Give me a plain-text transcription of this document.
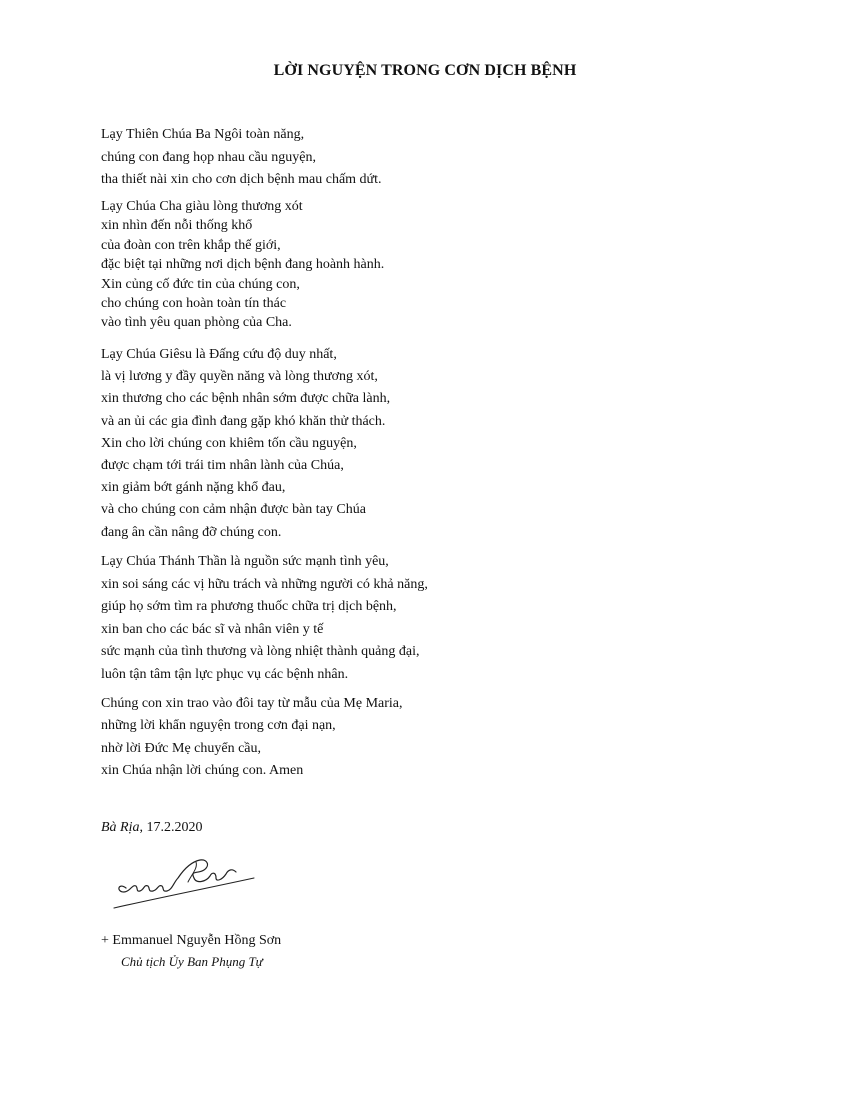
LỜI NGUYỆN TRONG CƠN DỊCH BỆNH
Lạy Thiên Chúa Ba Ngôi toàn năng,
chúng con đang họp nhau cầu nguyện,
tha thiết nài xin cho cơn dịch bệnh mau chấm dứt.
Lạy Chúa Cha giàu lòng thương xót
xin nhìn đến nỗi thống khổ
của đoàn con trên khắp thế giới,
đặc biệt tại những nơi dịch bệnh đang hoành hành.
Xin củng cố đức tin của chúng con,
cho chúng con hoàn toàn tín thác
vào tình yêu quan phòng của Cha.
Lạy Chúa Giêsu là Đấng cứu độ duy nhất,
là vị lương y đầy quyền năng và lòng thương xót,
xin thương cho các bệnh nhân sớm được chữa lành,
và an ủi các gia đình đang gặp khó khăn thử thách.
Xin cho lời chúng con khiêm tốn cầu nguyện,
được chạm tới trái tim nhân lành của Chúa,
xin giảm bớt gánh nặng khổ đau,
và cho chúng con cảm nhận được bàn tay Chúa
đang ân cần nâng đỡ chúng con.
Lạy Chúa Thánh Thần là nguồn sức mạnh tình yêu,
xin soi sáng các vị hữu trách và những người có khả năng,
giúp họ sớm tìm ra phương thuốc chữa trị dịch bệnh,
xin ban cho các bác sĩ và nhân viên y tế
sức mạnh của tình thương và lòng nhiệt thành quảng đại,
luôn tận tâm tận lực phục vụ các bệnh nhân.
Chúng con xin trao vào đôi tay từ mẫu của Mẹ Maria,
những lời khẩn nguyện trong cơn đại nạn,
nhờ lời Đức Mẹ chuyển cầu,
xin Chúa nhận lời chúng con. Amen
Bà Rịa, 17.2.2020
+ Emmanuel Nguyễn Hồng Sơn
Chủ tịch Ủy Ban Phụng Tự
